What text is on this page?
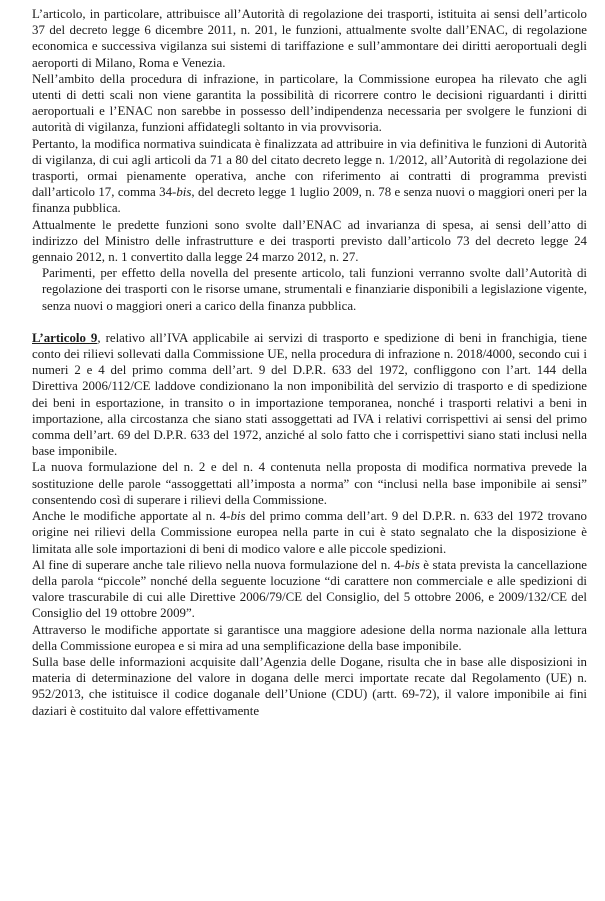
L’articolo, in particolare, attribuisce all’Autorità di regolazione dei trasporti, istituita ai sensi dell’articolo 37 del decreto legge 6 dicembre 2011, n. 201, le funzioni, attualmente svolte dall’ENAC, di regolazione economica e successiva vigilanza sui sistemi di tariffazione e sull’ammontare dei diritti aeroportuali degli aeroporti di Milano, Roma e Venezia.

Nell’ambito della procedura di infrazione, in particolare, la Commissione europea ha rilevato che agli utenti di detti scali non viene garantita la possibilità di ricorrere contro le decisioni riguardanti i diritti aeroportuali e l’ENAC non sarebbe in possesso dell’indipendenza necessaria per svolgere le funzioni di autorità di vigilanza, funzioni affidategli soltanto in via provvisoria.

Pertanto, la modifica normativa suindicata è finalizzata ad attribuire in via definitiva le funzioni di Autorità di vigilanza, di cui agli articoli da 71 a 80 del citato decreto legge n. 1/2012, all’Autorità di regolazione dei trasporti, ormai pienamente operativa, anche con riferimento ai contratti di programma previsti dall’articolo 17, comma 34-bis, del decreto legge 1 luglio 2009, n. 78 e senza nuovi o maggiori oneri per la finanza pubblica.

Attualmente le predette funzioni sono svolte dall’ENAC ad invarianza di spesa, ai sensi dell’atto di indirizzo del Ministro delle infrastrutture e dei trasporti previsto dall’articolo 73 del decreto legge 24 gennaio 2012, n. 1 convertito dalla legge 24 marzo 2012, n. 27.

Parimenti, per effetto della novella del presente articolo, tali funzioni verranno svolte dall’Autorità di regolazione dei trasporti con le risorse umane, strumentali e finanziarie disponibili a legislazione vigente, senza nuovi o maggiori oneri a carico della finanza pubblica.

L’articolo 9, relativo all’IVA applicabile ai servizi di trasporto e spedizione di beni in franchigia, tiene conto dei rilievi sollevati dalla Commissione UE, nella procedura di infrazione n. 2018/4000, secondo cui i numeri 2 e 4 del primo comma dell’art. 9 del D.P.R. 633 del 1972, confliggono con l’art. 144 della Direttiva 2006/112/CE laddove condizionano la non imponibilità del servizio di trasporto e di spedizione dei beni in esportazione, in transito o in importazione temporanea, nonché i trasporti relativi a beni in importazione, alla circostanza che siano stati assoggettati ad IVA i relativi corrispettivi ai sensi del primo comma dell’art. 69 del D.P.R. 633 del 1972, anziché al solo fatto che i corrispettivi siano stati inclusi nella base imponibile.

La nuova formulazione del n. 2 e del n. 4 contenuta nella proposta di modifica normativa prevede la sostituzione delle parole “assoggettati all’imposta a norma” con “inclusi nella base imponibile ai sensi” consentendo così di superare i rilievi della Commissione.

Anche le modifiche apportate al n. 4-bis del primo comma dell’art. 9 del D.P.R. n. 633 del 1972 trovano origine nei rilievi della Commissione europea nella parte in cui è stato segnalato che la disposizione è limitata alle sole importazioni di beni di modico valore e alle piccole spedizioni.

Al fine di superare anche tale rilievo nella nuova formulazione del n. 4-bis è stata prevista la cancellazione della parola “piccole” nonché della seguente locuzione “di carattere non commerciale e alle spedizioni di valore trascurabile di cui alle Direttive 2006/79/CE del Consiglio, del 5 ottobre 2006, e 2009/132/CE del Consiglio del 19 ottobre 2009”.

Attraverso le modifiche apportate si garantisce una maggiore adesione della norma nazionale alla lettura della Commissione europea e si mira ad una semplificazione della base imponibile.

Sulla base delle informazioni acquisite dall’Agenzia delle Dogane, risulta che in base alle disposizioni in materia di determinazione del valore in dogana delle merci importate recate dal Regolamento (UE) n. 952/2013, che istituisce il codice doganale dell’Unione (CDU) (artt. 69-72), il valore imponibile ai fini daziari è costituito dal valore effettivamente
